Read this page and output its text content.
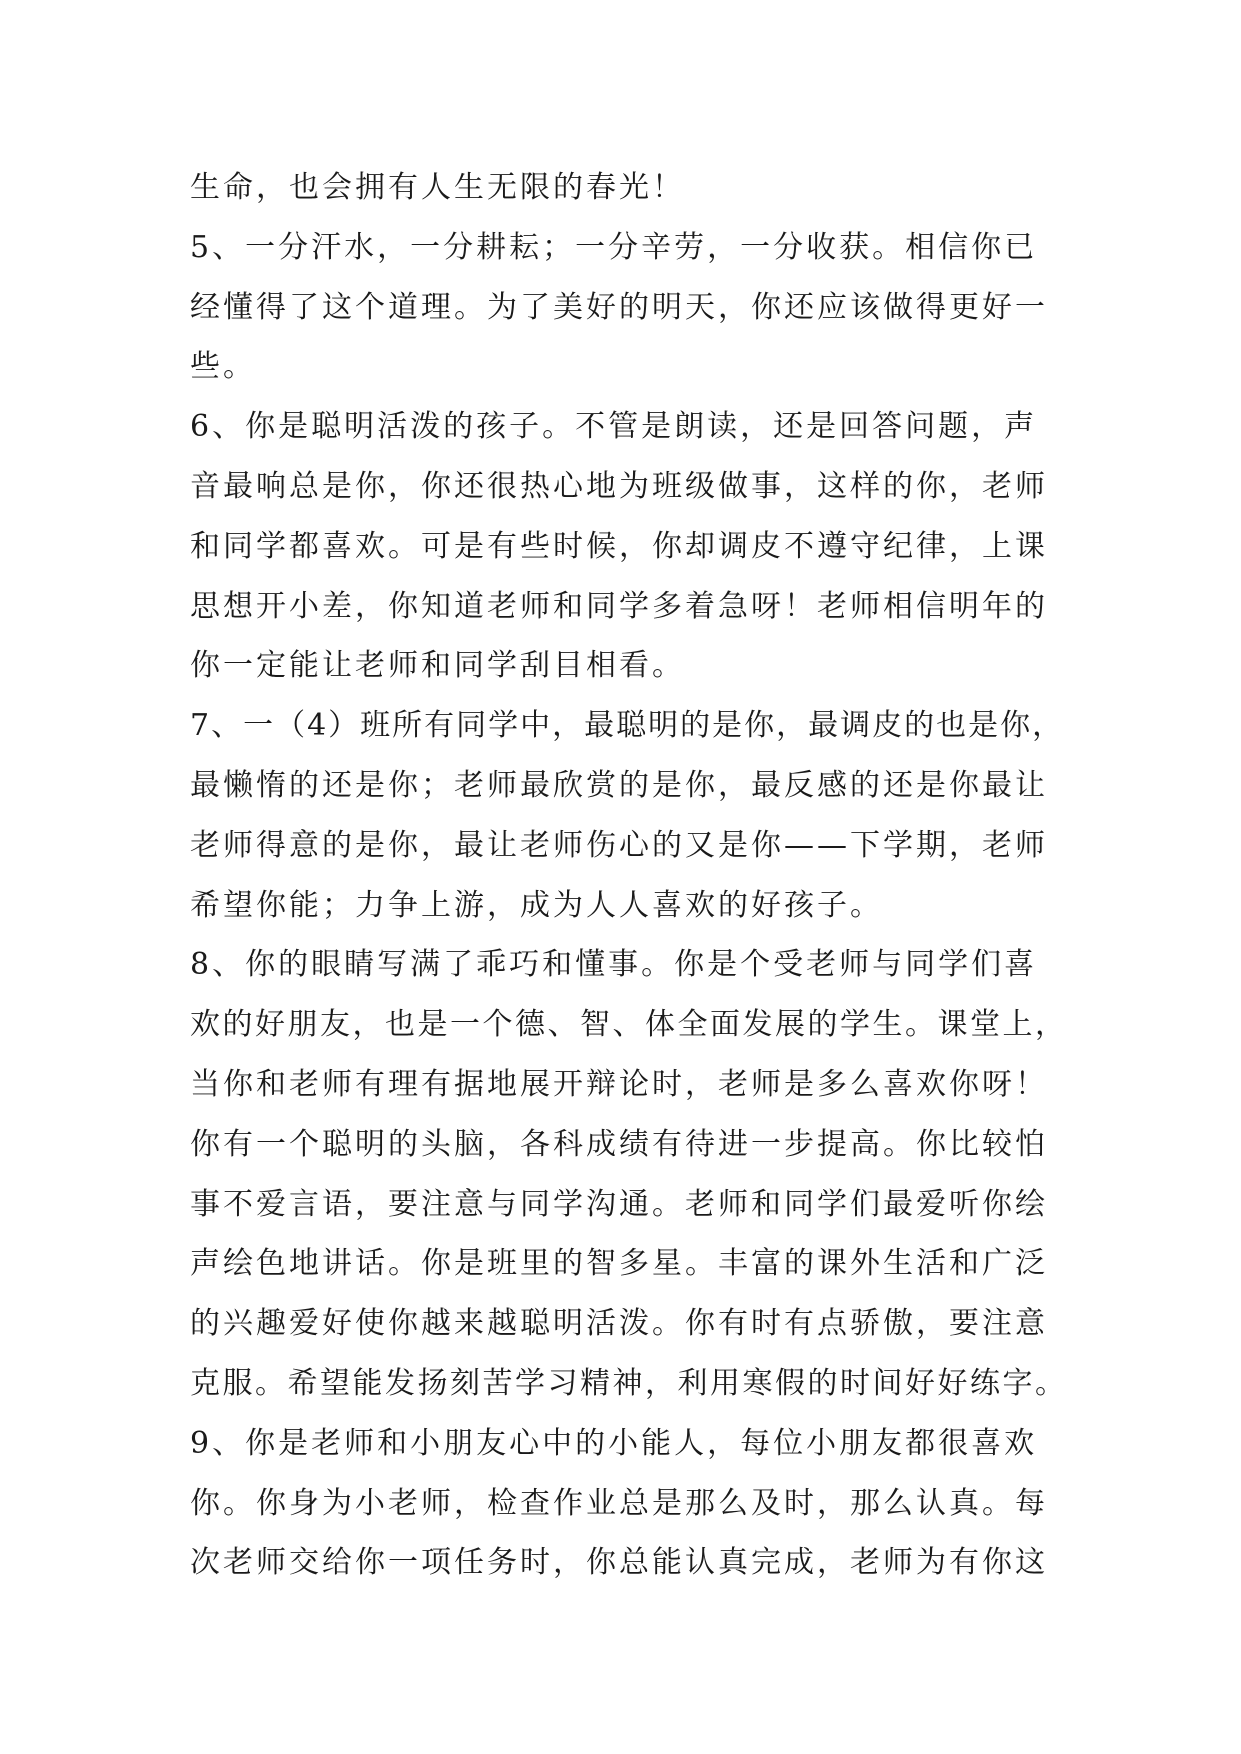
生命，也会拥有人生无限的春光！
5、一分汗水，一分耕耘；一分辛劳，一分收获。相信你已
经懂得了这个道理。为了美好的明天，你还应该做得更好一
些。
6、你是聪明活泼的孩子。不管是朗读，还是回答问题，声
音最响总是你，你还很热心地为班级做事，这样的你，老师
和同学都喜欢。可是有些时候，你却调皮不遵守纪律，上课
思想开小差，你知道老师和同学多着急呀！老师相信明年的
你一定能让老师和同学刮目相看。
7、一（4）班所有同学中，最聪明的是你，最调皮的也是你，
最懒惰的还是你；老师最欣赏的是你，最反感的还是你最让
老师得意的是你，最让老师伤心的又是你——下学期，老师
希望你能；力争上游，成为人人喜欢的好孩子。
8、你的眼睛写满了乖巧和懂事。你是个受老师与同学们喜
欢的好朋友，也是一个德、智、体全面发展的学生。课堂上，
当你和老师有理有据地展开辩论时，老师是多么喜欢你呀！
你有一个聪明的头脑，各科成绩有待进一步提高。你比较怕
事不爱言语，要注意与同学沟通。老师和同学们最爱听你绘
声绘色地讲话。你是班里的智多星。丰富的课外生活和广泛
的兴趣爱好使你越来越聪明活泼。你有时有点骄傲，要注意
克服。希望能发扬刻苦学习精神，利用寒假的时间好好练字。
9、你是老师和小朋友心中的小能人，每位小朋友都很喜欢
你。你身为小老师，检查作业总是那么及时，那么认真。每
次老师交给你一项任务时，你总能认真完成，老师为有你这
